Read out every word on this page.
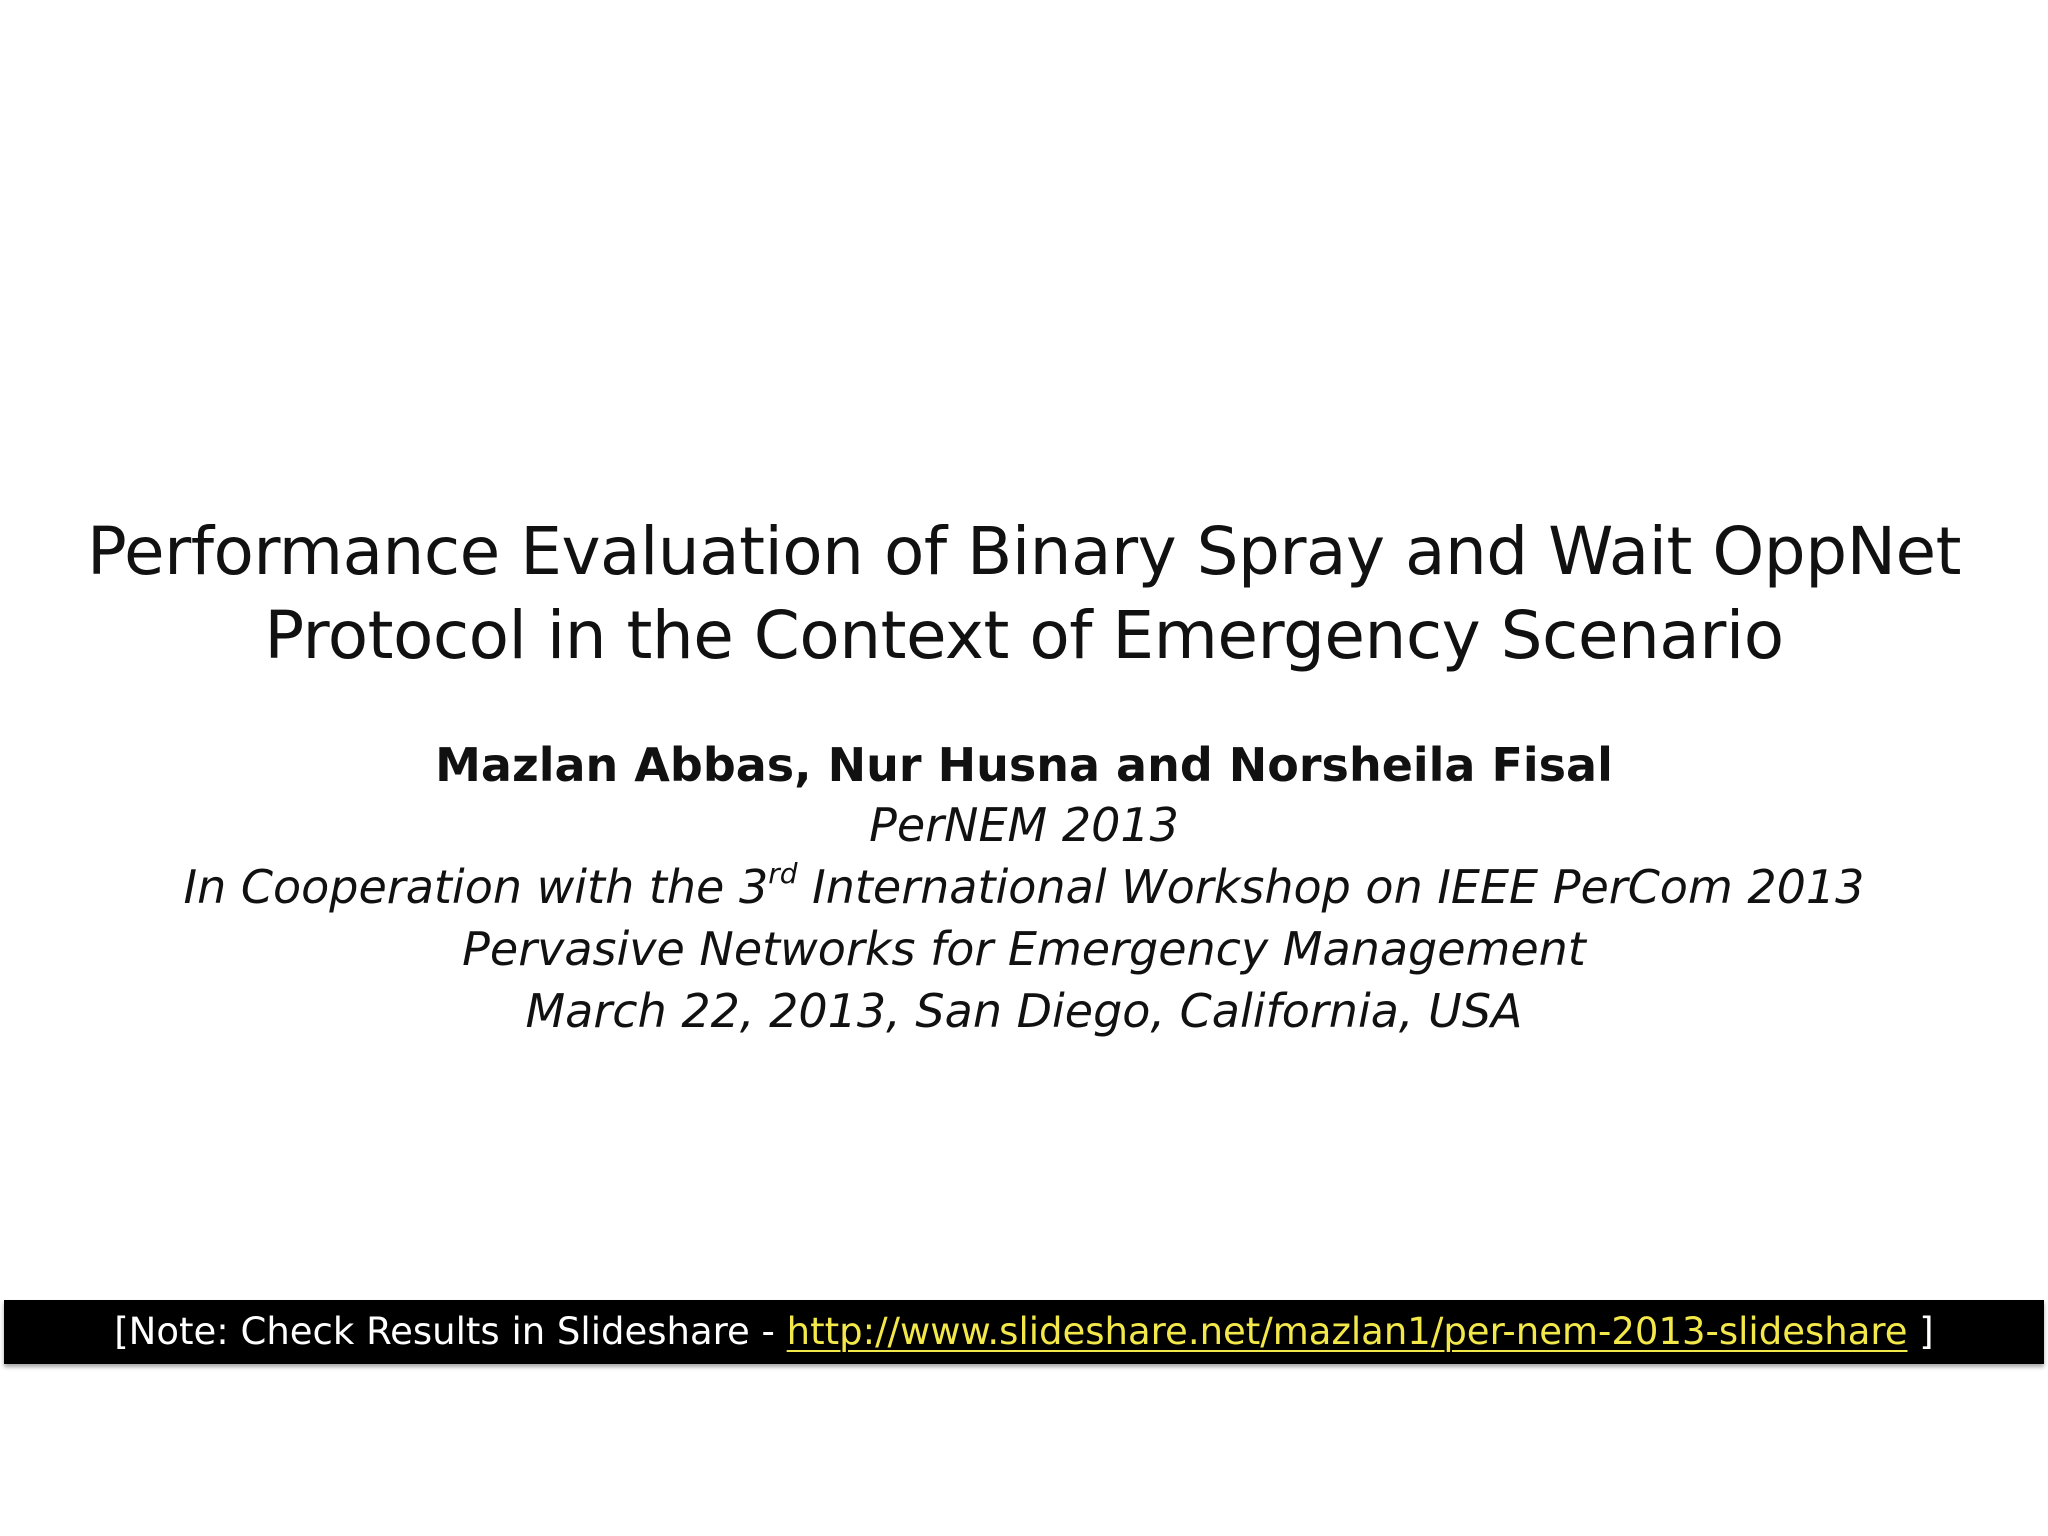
Performance Evaluation of Binary Spray and Wait OppNet
Protocol in the Context of Emergency Scenario
Mazlan Abbas, Nur Husna and Norsheila Fisal
PerNEM 2013
In Cooperation with the 3rd International Workshop on IEEE PerCom 2013
Pervasive Networks for Emergency Management
March 22, 2013, San Diego, California, USA
[Note: Check Results in Slideshare - http://www.slideshare.net/mazlan1/per-nem-2013-slideshare ]
